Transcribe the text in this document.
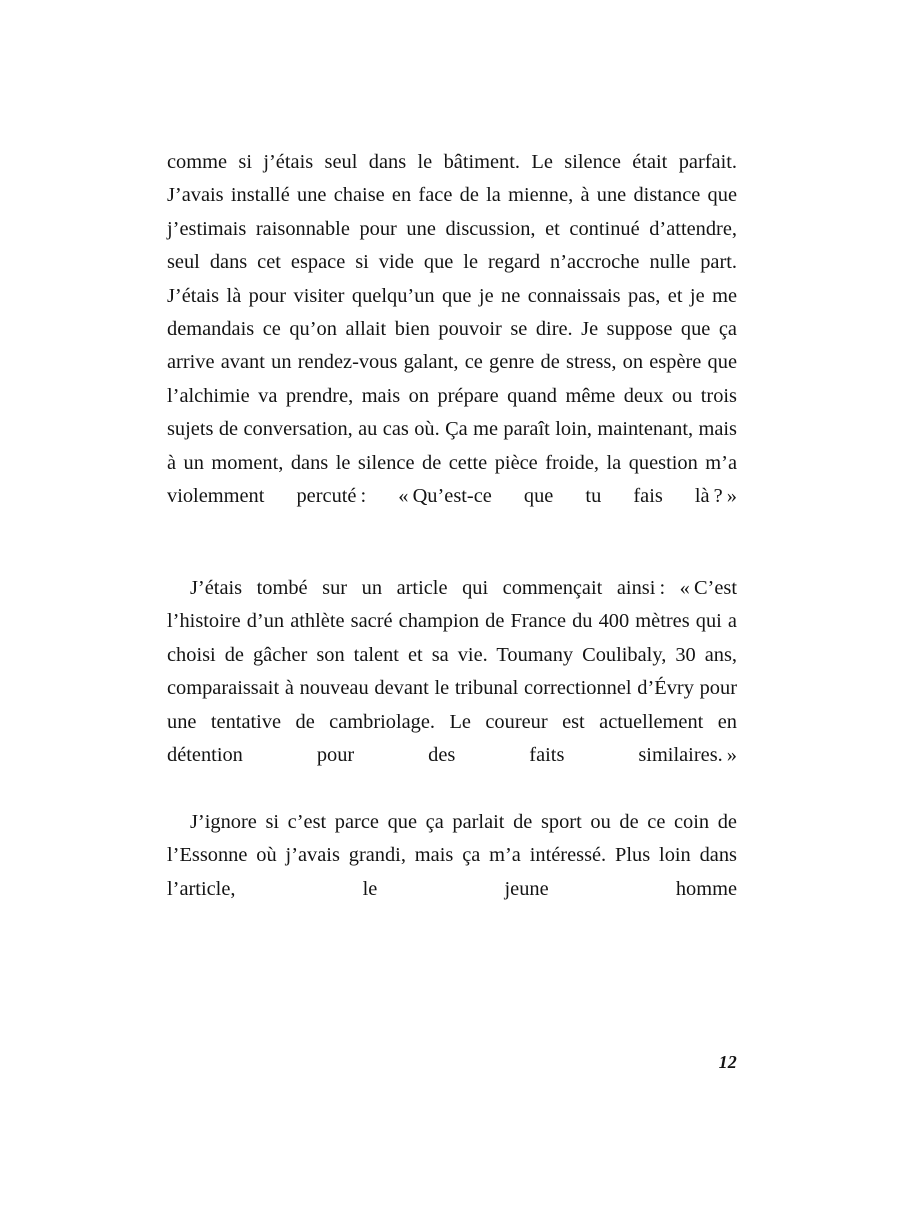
comme si j’étais seul dans le bâtiment. Le silence était parfait. J’avais installé une chaise en face de la mienne, à une distance que j’estimais raisonnable pour une discussion, et continué d’attendre, seul dans cet espace si vide que le regard n’accroche nulle part. J’étais là pour visiter quelqu’un que je ne connaissais pas, et je me demandais ce qu’on allait bien pouvoir se dire. Je suppose que ça arrive avant un rendez-vous galant, ce genre de stress, on espère que l’alchimie va prendre, mais on prépare quand même deux ou trois sujets de conversation, au cas où. Ça me paraît loin, maintenant, mais à un moment, dans le silence de cette pièce froide, la question m’a violemment percuté : « Qu’est-ce que tu fais là ? »

J’étais tombé sur un article qui commençait ainsi : « C’est l’histoire d’un athlète sacré champion de France du 400 mètres qui a choisi de gâcher son talent et sa vie. Toumany Coulibaly, 30 ans, comparaissait à nouveau devant le tribunal correctionnel d’Évry pour une tentative de cambriolage. Le coureur est actuellement en détention pour des faits similaires. »

J’ignore si c’est parce que ça parlait de sport ou de ce coin de l’Essonne où j’avais grandi, mais ça m’a intéressé. Plus loin dans l’article, le jeune homme

12
